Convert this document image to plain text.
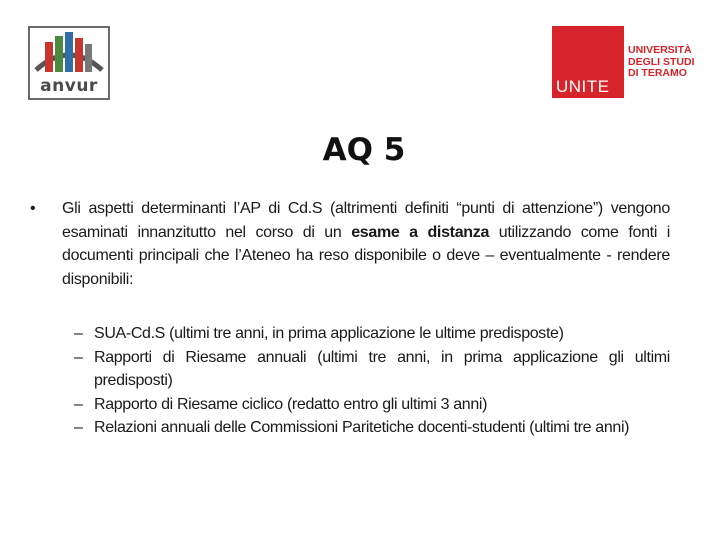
anvur	UNITE
UNIVERSITÀ
DEGLI STUDI
DI TERAMO
AQ 5
• Gli aspetti determinanti l’AP di Cd.S (altrimenti definiti “punti di attenzione”) vengono esaminati innanzitutto nel corso di un esame a distanza utilizzando come fonti i documenti principali che l’Ateneo ha reso disponibile o deve – eventualmente - rendere disponibili:
– SUA-Cd.S (ultimi tre anni, in prima applicazione le ultime predisposte)
– Rapporti di Riesame annuali (ultimi tre anni, in prima applicazione gli ultimi predisposti)
– Rapporto di Riesame ciclico (redatto entro gli ultimi 3 anni)
– Relazioni annuali delle Commissioni Paritetiche docenti-studenti (ultimi tre anni)
